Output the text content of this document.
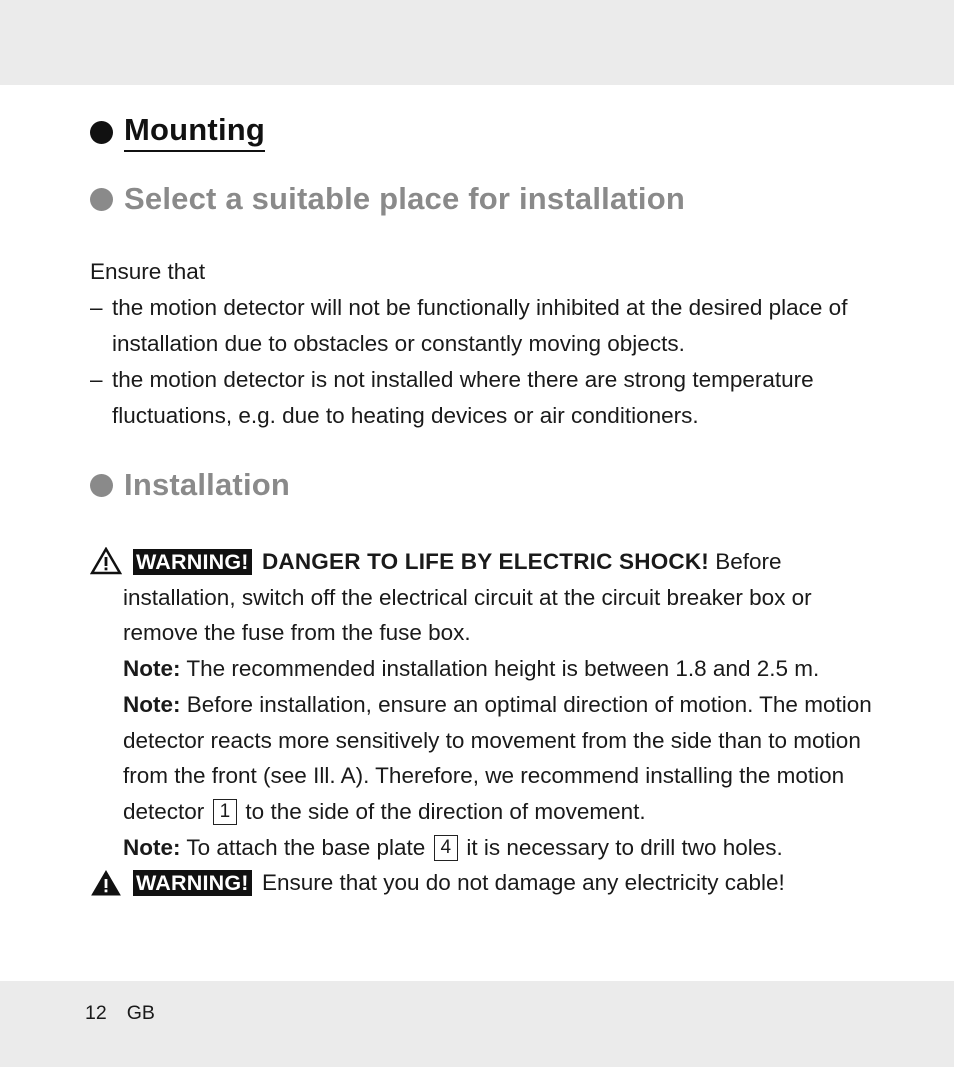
Mounting
Select a suitable place for installation
Ensure that
– the motion detector will not be functionally inhibited at the desired place of installation due to obstacles or constantly moving objects.
– the motion detector is not installed where there are strong temperature fluctuations, e.g. due to heating devices or air conditioners.
Installation
WARNING! DANGER TO LIFE BY ELECTRIC SHOCK! Before installation, switch off the electrical circuit at the circuit breaker box or remove the fuse from the fuse box.
Note: The recommended installation height is between 1.8 and 2.5 m.
Note: Before installation, ensure an optimal direction of motion. The motion detector reacts more sensitively to movement from the side than to motion from the front (see Ill. A). Therefore, we recommend installing the motion detector 1 to the side of the direction of movement.
Note: To attach the base plate 4 it is necessary to drill two holes.
WARNING! Ensure that you do not damage any electricity cable!
12 GB
